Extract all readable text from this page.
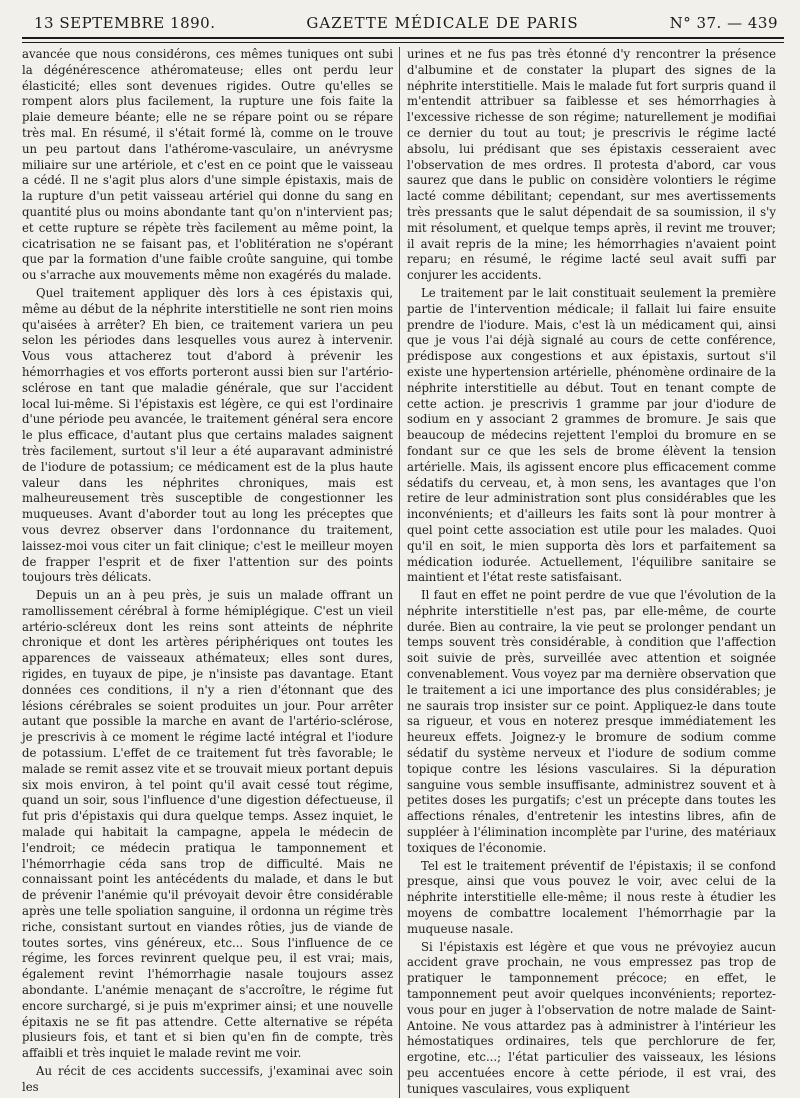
13 SEPTEMBRE 1890.	GAZETTE MÉDICALE DE PARIS	N° 37. — 439

avancée que nous considérons, ces mêmes tuniques ont subi la dégénérescence athéromateuse; elles ont perdu leur élasticité; elles sont devenues rigides. Outre qu'elles se rompent alors plus facilement, la rupture une fois faite la plaie demeure béante; elle ne se répare point ou se répare très mal. En résumé, il s'était formé là, comme on le trouve un peu partout dans l'athérome-vasculaire, un anévrysme miliaire sur une artériole, et c'est en ce point que le vaisseau a cédé. Il ne s'agit plus alors d'une simple épistaxis, mais de la rupture d'un petit vaisseau artériel qui donne du sang en quantité plus ou moins abondante tant qu'on n'intervient pas; et cette rupture se répète très facilement au même point, la cicatrisation ne se faisant pas, et l'oblitération ne s'opérant que par la formation d'une faible croûte sanguine, qui tombe ou s'arrache aux mouvements même non exagérés du malade.

Quel traitement appliquer dès lors à ces épistaxis qui, même au début de la néphrite interstitielle ne sont rien moins qu'aisées à arrêter? Eh bien, ce traitement variera un peu selon les périodes dans lesquelles vous aurez à intervenir. Vous vous attacherez tout d'abord à prévenir les hémorrhagies et vos efforts porteront aussi bien sur l'artério-sclérose en tant que maladie générale, que sur l'accident local lui-même. Si l'épistaxis est légère, ce qui est l'ordinaire d'une période peu avancée, le traitement général sera encore le plus efficace, d'autant plus que certains malades saignent très facilement, surtout s'il leur a été auparavant administré de l'iodure de potassium; ce médicament est de la plus haute valeur dans les néphrites chroniques, mais est malheureusement très susceptible de congestionner les muqueuses. Avant d'aborder tout au long les préceptes que vous devrez observer dans l'ordonnance du traitement, laissez-moi vous citer un fait clinique; c'est le meilleur moyen de frapper l'esprit et de fixer l'attention sur des points toujours très délicats.

Depuis un an à peu près, je suis un malade offrant un ramollissement cérébral à forme hémiplégique. C'est un vieil artério-scléreux dont les reins sont atteints de néphrite chronique et dont les artères périphériques ont toutes les apparences de vaisseaux athémateux; elles sont dures, rigides, en tuyaux de pipe, je n'insiste pas davantage. Etant données ces conditions, il n'y a rien d'étonnant que des lésions cérébrales se soient produites un jour. Pour arrêter autant que possible la marche en avant de l'artério-sclérose, je prescrivis à ce moment le régime lacté intégral et l'iodure de potassium. L'effet de ce traitement fut très favorable; le malade se remit assez vite et se trouvait mieux portant depuis six mois environ, à tel point qu'il avait cessé tout régime, quand un soir, sous l'influence d'une digestion défectueuse, il fut pris d'épistaxis qui dura quelque temps. Assez inquiet, le malade qui habitait la campagne, appela le médecin de l'endroit; ce médecin pratiqua le tamponnement et l'hémorrhagie céda sans trop de difficulté. Mais ne connaissant point les antécédents du malade, et dans le but de prévenir l'anémie qu'il prévoyait devoir être considérable après une telle spoliation sanguine, il ordonna un régime très riche, consistant surtout en viandes rôties, jus de viande de toutes sortes, vins généreux, etc... Sous l'influence de ce régime, les forces revinrent quelque peu, il est vrai; mais, également revint l'hémorrhagie nasale toujours assez abondante. L'anémie menaçant de s'accroître, le régime fut encore surchargé, si je puis m'exprimer ainsi; et une nouvelle épitaxis ne se fit pas attendre. Cette alternative se répéta plusieurs fois, et tant et si bien qu'en fin de compte, très affaibli et très inquiet le malade revint me voir.

Au récit de ces accidents successifs, j'examinai avec soin les

urines et ne fus pas très étonné d'y rencontrer la présence d'albumine et de constater la plupart des signes de la néphrite interstitielle. Mais le malade fut fort surpris quand il m'entendit attribuer sa faiblesse et ses hémorrhagies à l'excessive richesse de son régime; naturellement je modifiai ce dernier du tout au tout; je prescrivis le régime lacté absolu, lui prédisant que ses épistaxis cesseraient avec l'observation de mes ordres. Il protesta d'abord, car vous saurez que dans le public on considère volontiers le régime lacté comme débilitant; cependant, sur mes avertissements très pressants que le salut dépendait de sa soumission, il s'y mit résolument, et quelque temps après, il revint me trouver; il avait repris de la mine; les hémorrhagies n'avaient point reparu; en résumé, le régime lacté seul avait suffi par conjurer les accidents.

Le traitement par le lait constituait seulement la première partie de l'intervention médicale; il fallait lui faire ensuite prendre de l'iodure. Mais, c'est là un médicament qui, ainsi que je vous l'ai déjà signalé au cours de cette conférence, prédispose aux congestions et aux épistaxis, surtout s'il existe une hypertension artérielle, phénomène ordinaire de la néphrite interstitielle au début. Tout en tenant compte de cette action. je prescrivis 1 gramme par jour d'iodure de sodium en y associant 2 grammes de bromure. Je sais que beaucoup de médecins rejettent l'emploi du bromure en se fondant sur ce que les sels de brome élèvent la tension artérielle. Mais, ils agissent encore plus efficacement comme sédatifs du cerveau, et, à mon sens, les avantages que l'on retire de leur administration sont plus considérables que les inconvénients; et d'ailleurs les faits sont là pour montrer à quel point cette association est utile pour les malades. Quoi qu'il en soit, le mien supporta dès lors et parfaitement sa médication iodurée. Actuellement, l'équilibre sanitaire se maintient et l'état reste satisfaisant.

Il faut en effet ne point perdre de vue que l'évolution de la néphrite interstitielle n'est pas, par elle-même, de courte durée. Bien au contraire, la vie peut se prolonger pendant un temps souvent très considérable, à condition que l'affection soit suivie de près, surveillée avec attention et soignée convenablement. Vous voyez par ma dernière observation que le traitement a ici une importance des plus considérables; je ne saurais trop insister sur ce point. Appliquez-le dans toute sa rigueur, et vous en noterez presque immédiatement les heureux effets. Joignez-y le bromure de sodium comme sédatif du système nerveux et l'iodure de sodium comme topique contre les lésions vasculaires. Si la dépuration sanguine vous semble insuffisante, administrez souvent et à petites doses les purgatifs; c'est un précepte dans toutes les affections rénales, d'entretenir les intestins libres, afin de suppléer à l'élimination incomplète par l'urine, des matériaux toxiques de l'économie.

Tel est le traitement préventif de l'épistaxis; il se confond presque, ainsi que vous pouvez le voir, avec celui de la néphrite interstitielle elle-même; il nous reste à étudier les moyens de combattre localement l'hémorrhagie par la muqueuse nasale.

Si l'épistaxis est légère et que vous ne prévoyiez aucun accident grave prochain, ne vous empressez pas trop de pratiquer le tamponnement précoce; en effet, le tamponnement peut avoir quelques inconvénients; reportez-vous pour en juger à l'observation de notre malade de Saint-Antoine. Ne vous attardez pas à administrer à l'intérieur les hémostatiques ordinaires, tels que perchlorure de fer, ergotine, etc...; l'état particulier des vaisseaux, les lésions peu accentuées encore à cette période, il est vrai, des tuniques vasculaires, vous expliquent
